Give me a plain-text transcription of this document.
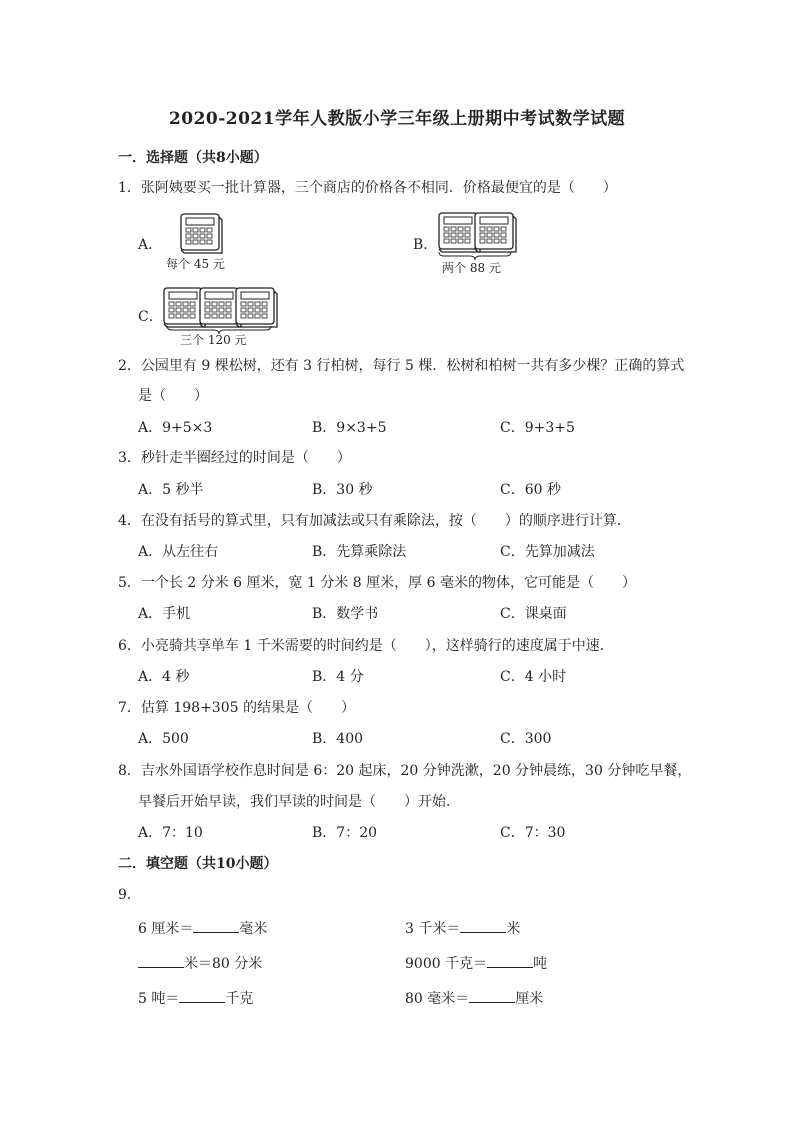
2020-2021学年人教版小学三年级上册期中考试数学试题
一．选择题（共8小题）
1．张阿姨要买一批计算器，三个商店的价格各不相同．价格最便宜的是（　　）
A．
每个 45 元
B．
两个 88 元
C．
三个 120 元
2．公园里有 9 棵松树，还有 3 行柏树，每行 5 棵．松树和柏树一共有多少棵？正确的算式
是（　　）
A．9+5×3	B．9×3+5	C．9+3+5
3．秒针走半圈经过的时间是（　　）
A．5 秒半	B．30 秒	C．60 秒
4．在没有括号的算式里，只有加减法或只有乘除法，按（　　）的顺序进行计算．
A．从左往右	B．先算乘除法	C．先算加减法
5．一个长 2 分米 6 厘米，宽 1 分米 8 厘米，厚 6 毫米的物体，它可能是（　　）
A．手机	B．数学书	C．课桌面
6．小亮骑共享单车 1 千米需要的时间约是（　　），这样骑行的速度属于中速．
A．4 秒	B．4 分	C．4 小时
7．估算 198+305 的结果是（　　）
A．500	B．400	C．300
8．吉水外国语学校作息时间是 6：20 起床，20 分钟洗漱，20 分钟晨练，30 分钟吃早餐，
早餐后开始早读，我们早读的时间是（　　）开始．
A．7：10	B．7：20	C．7：30
二．填空题（共10小题）
9．
6 厘米＝	毫米	3 千米＝	米
米＝80 分米	9000 千克＝	吨
5 吨＝	千克	80 毫米＝	厘米
